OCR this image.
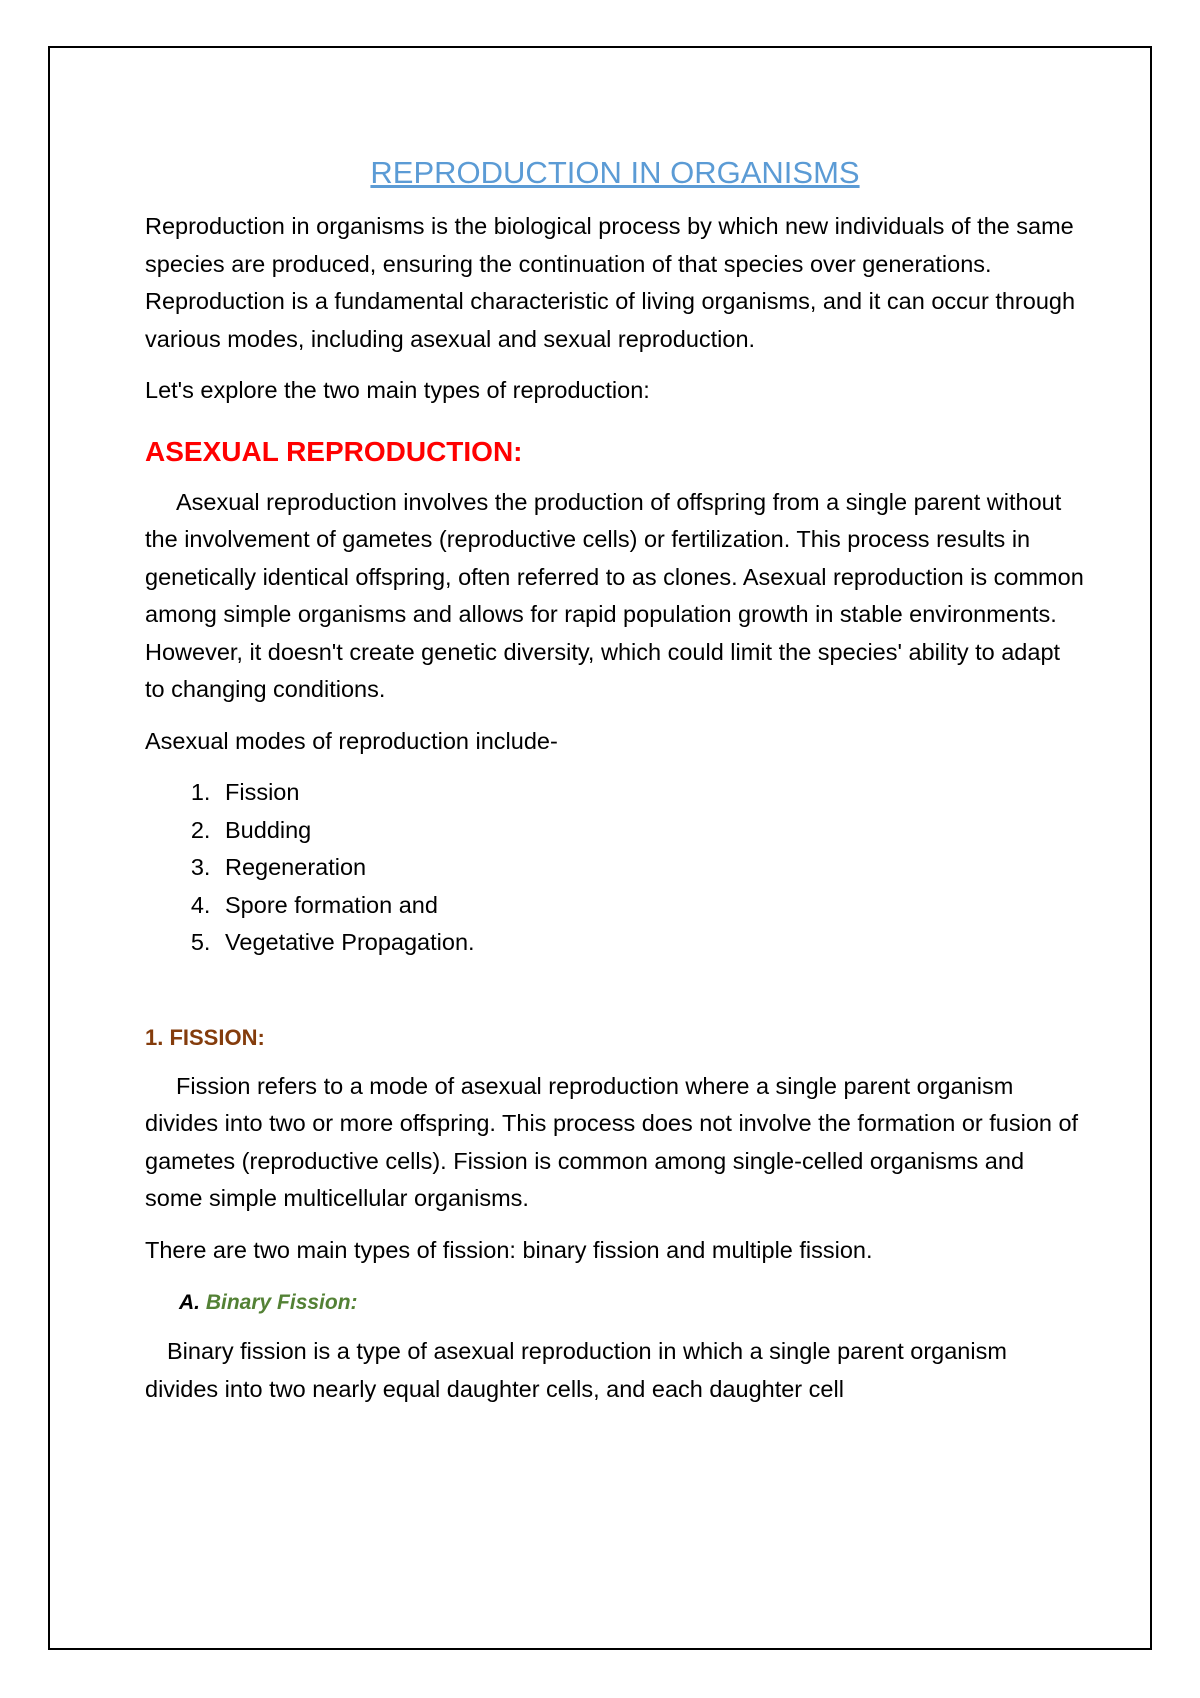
REPRODUCTION IN ORGANISMS

Reproduction in organisms is the biological process by which new individuals of the same species are produced, ensuring the continuation of that species over generations. Reproduction is a fundamental characteristic of living organisms, and it can occur through various modes, including asexual and sexual reproduction.

Let's explore the two main types of reproduction:

ASEXUAL REPRODUCTION:

Asexual reproduction involves the production of offspring from a single parent without the involvement of gametes (reproductive cells) or fertilization. This process results in genetically identical offspring, often referred to as clones. Asexual reproduction is common among simple organisms and allows for rapid population growth in stable environments. However, it doesn't create genetic diversity, which could limit the species' ability to adapt to changing conditions.

Asexual modes of reproduction include-

1. Fission
2. Budding
3. Regeneration
4. Spore formation and
5. Vegetative Propagation.
1. FISSION:

Fission refers to a mode of asexual reproduction where a single parent organism divides into two or more offspring. This process does not involve the formation or fusion of gametes (reproductive cells). Fission is common among single-celled organisms and some simple multicellular organisms.

There are two main types of fission: binary fission and multiple fission.

A. Binary Fission:

Binary fission is a type of asexual reproduction in which a single parent organism divides into two nearly equal daughter cells, and each daughter cell
